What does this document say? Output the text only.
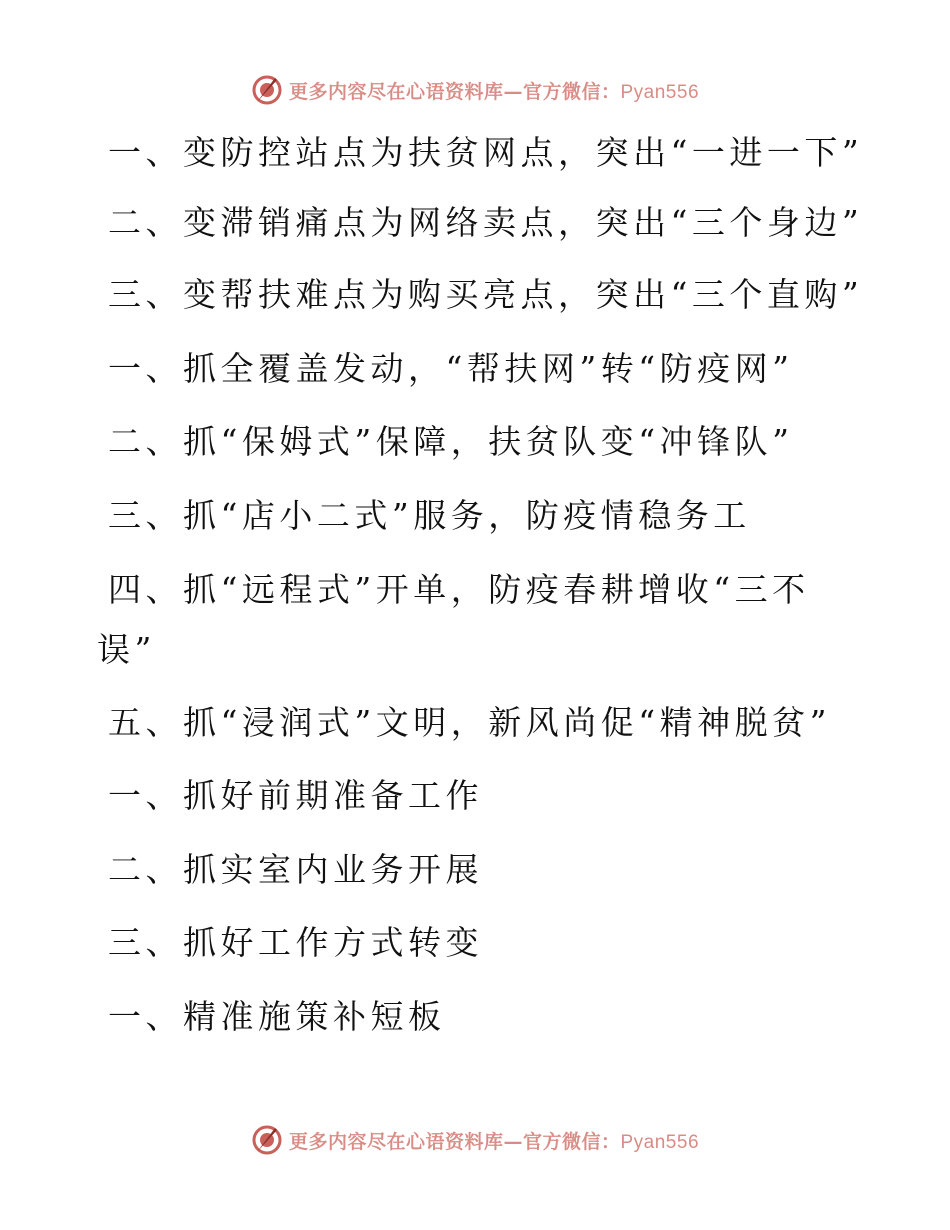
更多内容尽在心语资料库—官方微信：Pyan556
一、变防控站点为扶贫网点，突出“一进一下”
二、变滞销痛点为网络卖点，突出“三个身边”
三、变帮扶难点为购买亮点，突出“三个直购”
一、抓全覆盖发动，“帮扶网”转“防疫网”
二、抓“保姆式”保障，扶贫队变“冲锋队”
三、抓“店小二式”服务，防疫情稳务工
四、抓“远程式”开单，防疫春耕增收“三不
误”
五、抓“浸润式”文明，新风尚促“精神脱贫”
一、抓好前期准备工作
二、抓实室内业务开展
三、抓好工作方式转变
一、精准施策补短板
更多内容尽在心语资料库—官方微信：Pyan556
